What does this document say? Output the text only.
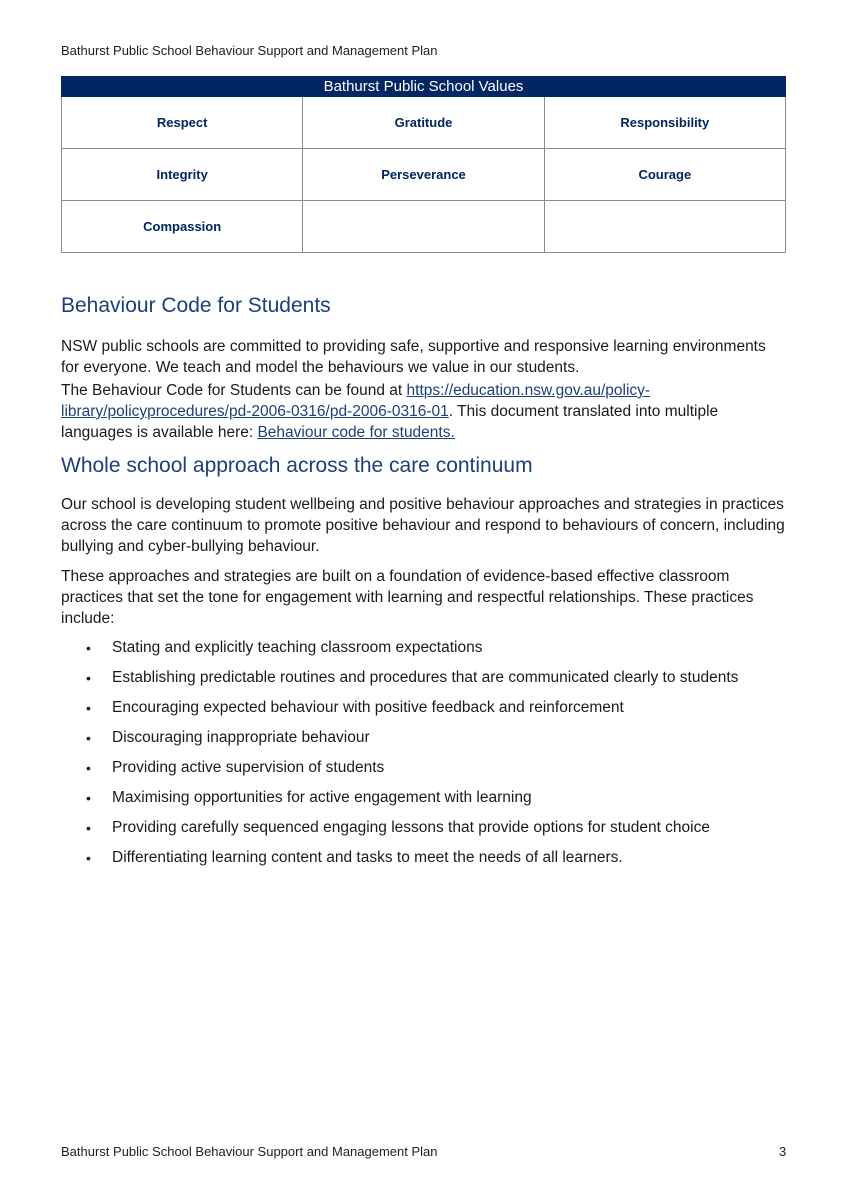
Bathurst Public School Behaviour Support and Management Plan
Bathurst Public School Values		
Respect	Gratitude	Responsibility
Integrity	Perseverance	Courage
Compassion		
Behaviour Code for Students

NSW public schools are committed to providing safe, supportive and responsive learning environments for everyone. We teach and model the behaviours we value in our students.

The Behaviour Code for Students can be found at https://education.nsw.gov.au/policy-
library/policyprocedures/pd-2006-0316/pd-2006-0316-01. This document translated into multiple languages is available here: Behaviour code for students.

Whole school approach across the care continuum

Our school is developing student wellbeing and positive behaviour approaches and strategies in practices across the care continuum to promote positive behaviour and respond to behaviours of concern, including bullying and cyber-bullying behaviour.

These approaches and strategies are built on a foundation of evidence-based effective classroom practices that set the tone for engagement with learning and respectful relationships. These practices include:

• Stating and explicitly teaching classroom expectations
• Establishing predictable routines and procedures that are communicated clearly to students
• Encouraging expected behaviour with positive feedback and reinforcement
• Discouraging inappropriate behaviour
• Providing active supervision of students
• Maximising opportunities for active engagement with learning
• Providing carefully sequenced engaging lessons that provide options for student choice
• Differentiating learning content and tasks to meet the needs of all learners.
Bathurst Public School Behaviour Support and Management Plan	3
